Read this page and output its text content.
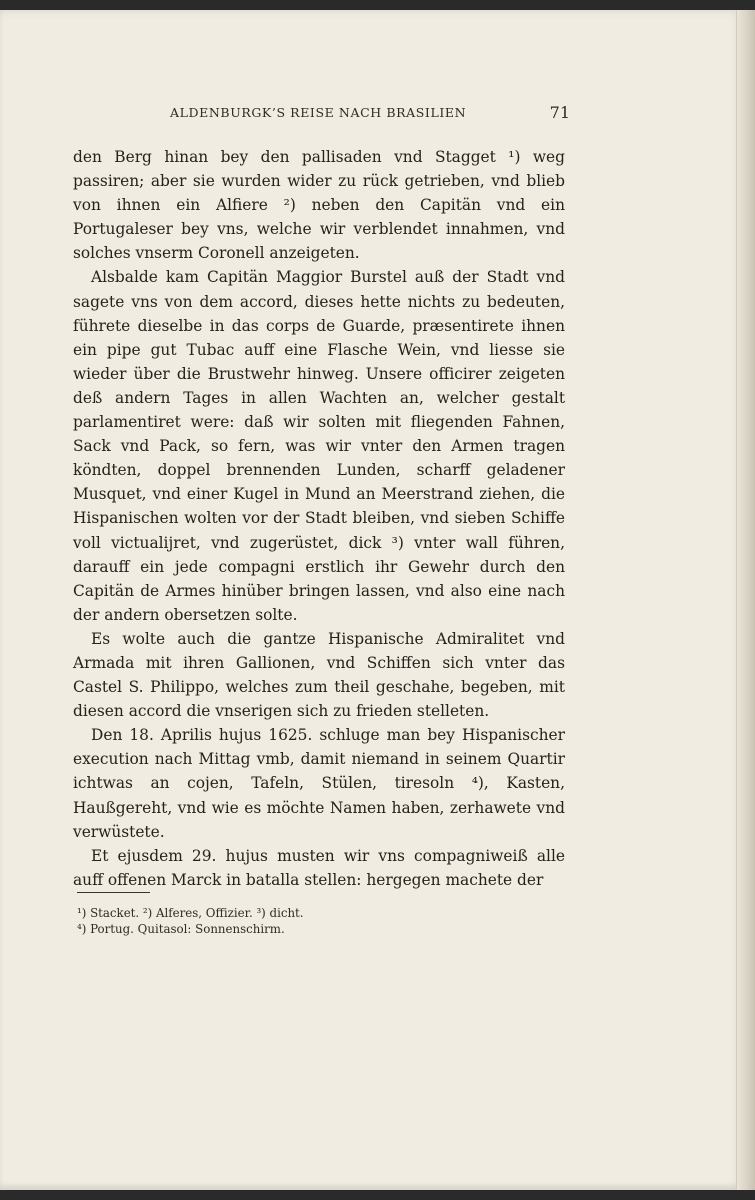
ALDENBURGK’S REISE NACH BRASILIEN	71

den Berg hinan bey den pallisaden vnd Stagget ¹) weg passiren; aber sie wurden wider zu rück getrieben, vnd blieb von ihnen ein Alfiere ²) neben den Capitän vnd ein Portugaleser bey vns, welche wir verblendet innahmen, vnd solches vnserm Coronell anzeigeten.

Alsbalde kam Capitän Maggior Burstel auß der Stadt vnd sagete vns von dem accord, dieses hette nichts zu bedeuten, führete dieselbe in das corps de Guarde, præsentirete ihnen ein pipe gut Tubac auff eine Flasche Wein, vnd liesse sie wieder über die Brustwehr hinweg. Unsere officirer zeigeten deß andern Tages in allen Wachten an, welcher gestalt parlamentiret were: daß wir solten mit fliegenden Fahnen, Sack vnd Pack, so fern, was wir vnter den Armen tragen köndten, doppel brennenden Lunden, scharff geladener Musquet, vnd einer Kugel in Mund an Meerstrand ziehen, die Hispanischen wolten vor der Stadt bleiben, vnd sieben Schiffe voll victualijret, vnd zugerüstet, dick ³) vnter wall führen, darauff ein jede compagni erstlich ihr Gewehr durch den Capitän de Armes hinüber bringen lassen, vnd also eine nach der andern obersetzen solte.

Es wolte auch die gantze Hispanische Admiralitet vnd Armada mit ihren Gallionen, vnd Schiffen sich vnter das Castel S. Philippo, welches zum theil geschahe, begeben, mit diesen accord die vnserigen sich zu frieden stelleten.

Den 18. Aprilis hujus 1625. schluge man bey Hispanischer execution nach Mittag vmb, damit niemand in seinem Quartir ichtwas an cojen, Tafeln, Stülen, tiresoln ⁴), Kasten, Haußgereht, vnd wie es möchte Namen haben, zerhawete vnd verwüstete.

Et ejusdem 29. hujus musten wir vns compagniweiß alle auff offenen Marck in batalla stellen: hergegen machete der

¹) Stacket. ²) Alferes, Offizier. ³) dicht.
⁴) Portug. Quitasol: Sonnenschirm.
